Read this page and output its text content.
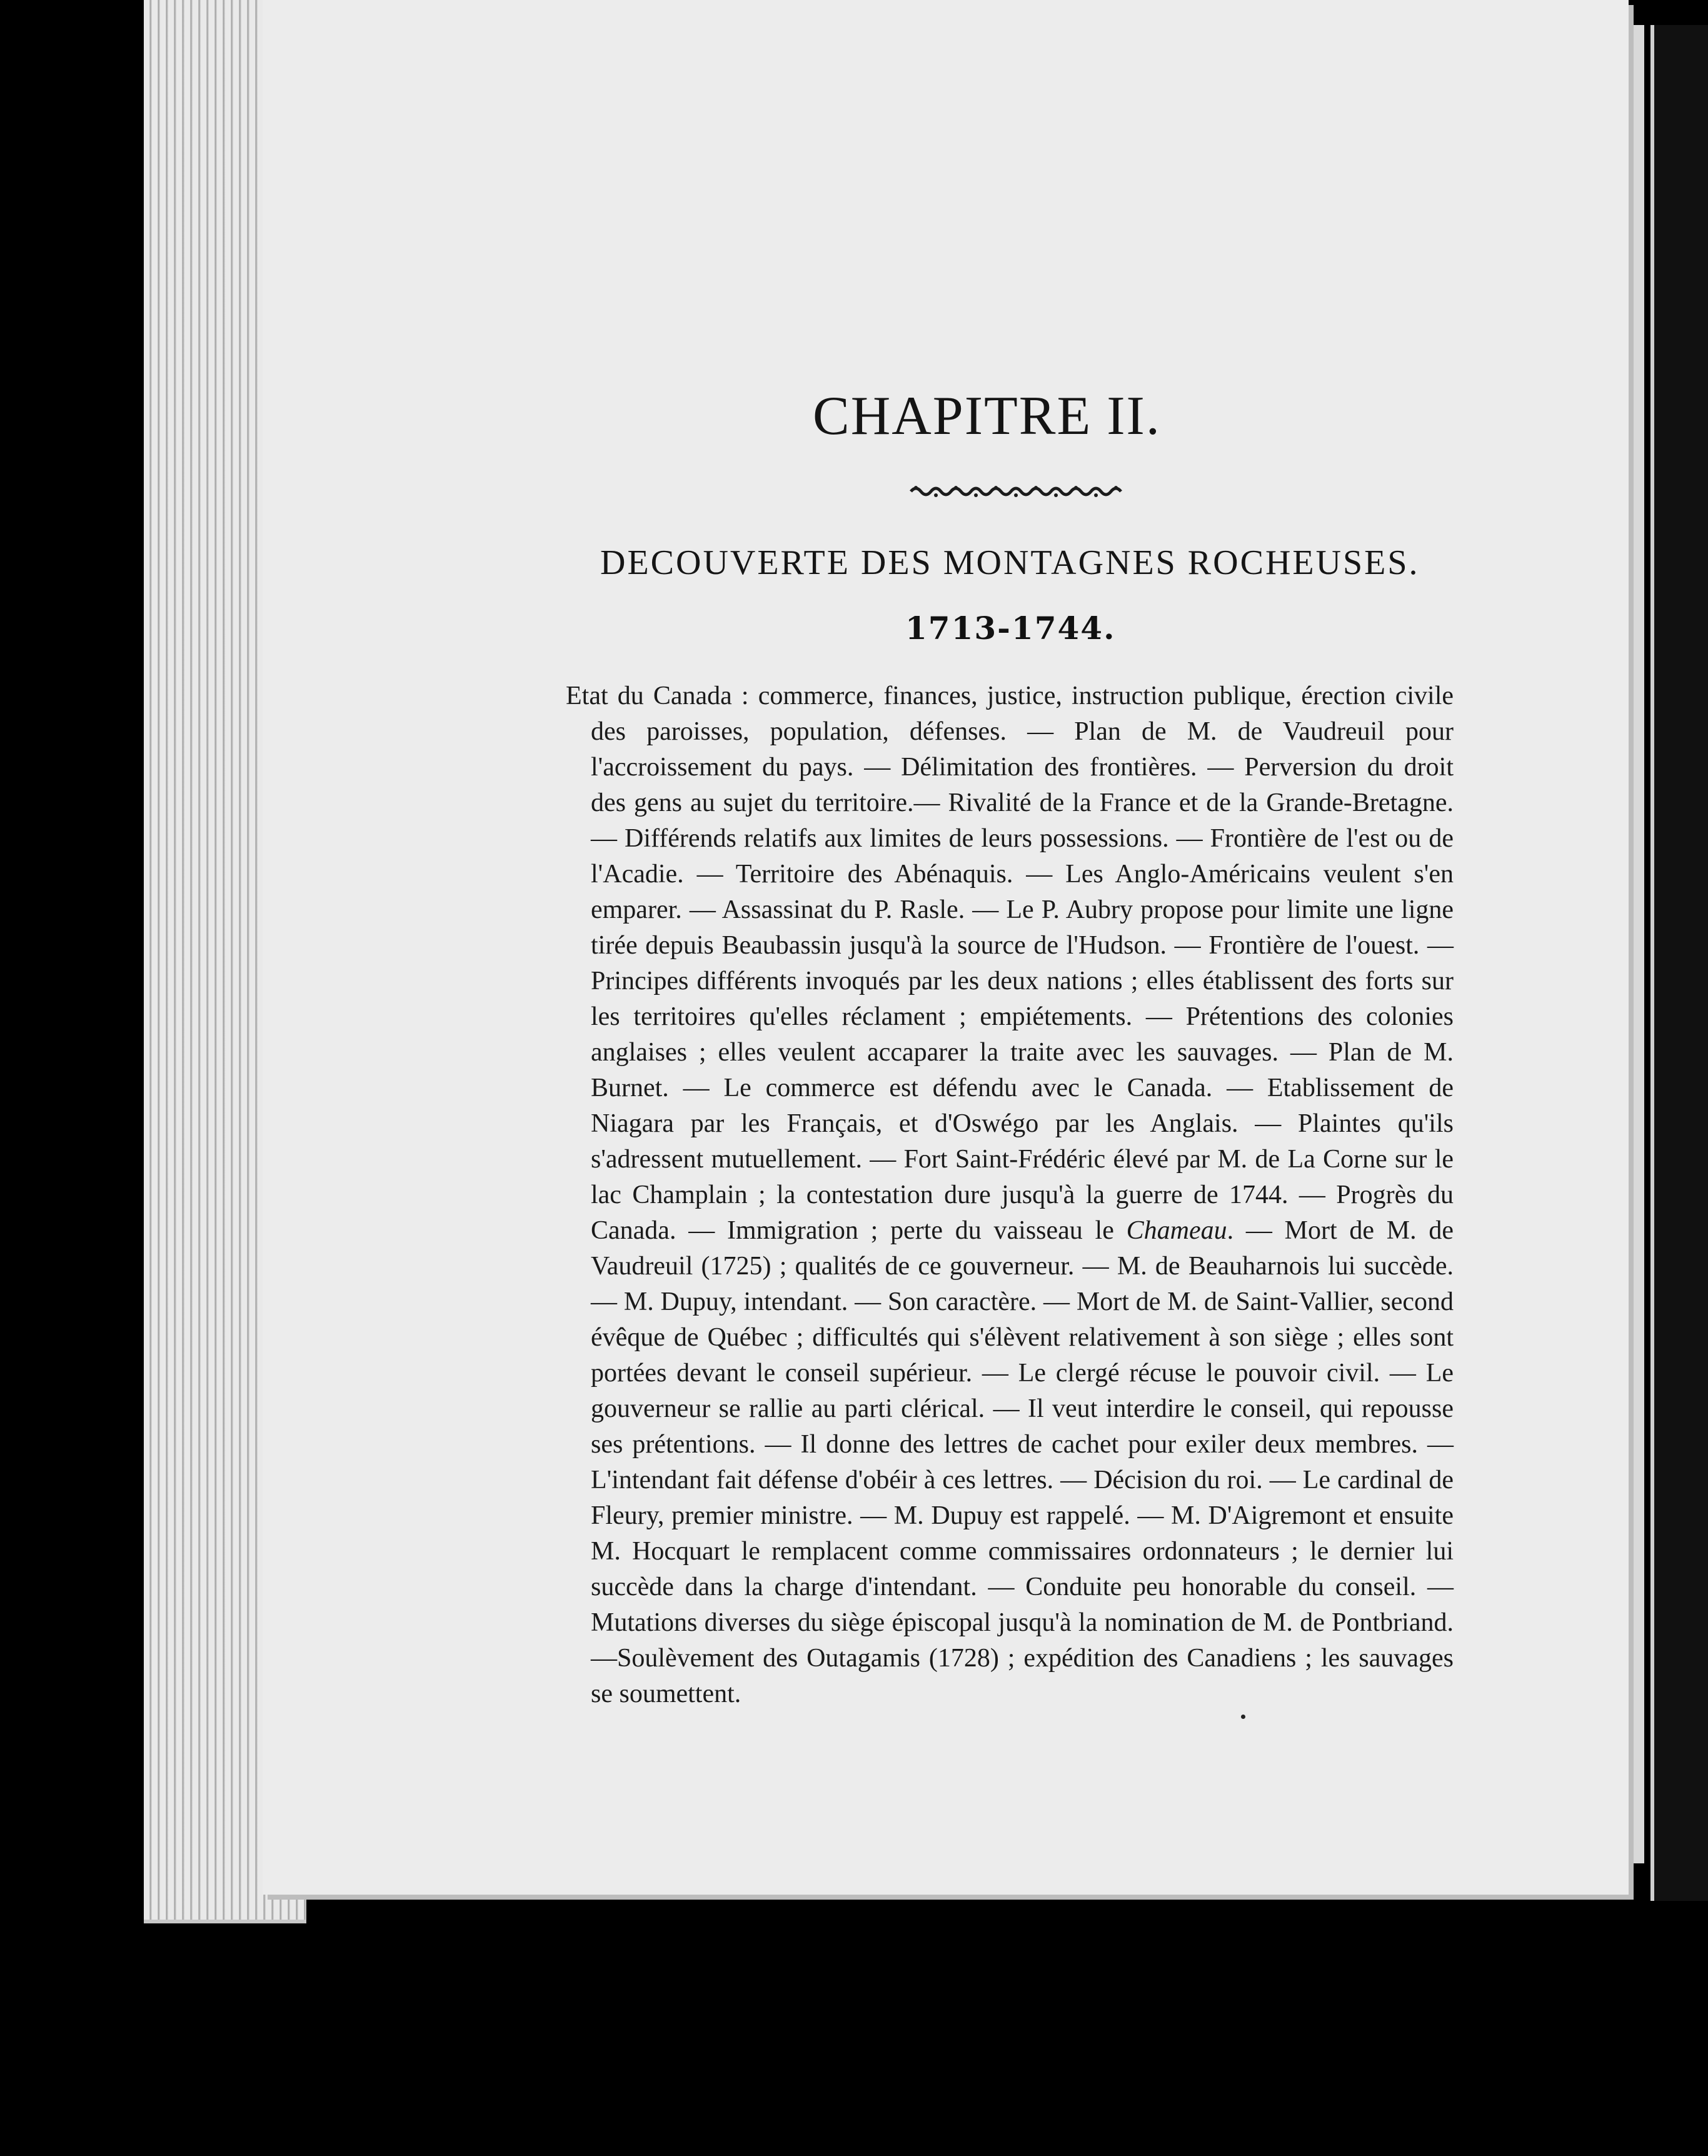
CHAPITRE II.
DECOUVERTE DES MONTAGNES ROCHEUSES.
1713-1744.

Etat du Canada : commerce, finances, justice, instruction publique, érection civile des paroisses, population, défenses. — Plan de M. de Vaudreuil pour l'accroissement du pays. — Délimitation des frontières. — Perversion du droit des gens au sujet du territoire.— Rivalité de la France et de la Grande-Bretagne. — Différends relatifs aux limites de leurs possessions. — Frontière de l'est ou de l'Acadie. — Territoire des Abénaquis. — Les Anglo-Américains veulent s'en emparer. — Assassinat du P. Rasle. — Le P. Aubry propose pour limite une ligne tirée depuis Beaubassin jusqu'à la source de l'Hudson. — Frontière de l'ouest. — Principes différents invoqués par les deux nations ; elles établissent des forts sur les territoires qu'elles réclament ; empiétements. — Prétentions des colonies anglaises ; elles veulent accaparer la traite avec les sauvages. — Plan de M. Burnet. — Le commerce est défendu avec le Canada. — Etablissement de Niagara par les Français, et d'Oswégo par les Anglais. — Plaintes qu'ils s'adressent mutuellement. — Fort Saint-Frédéric élevé par M. de La Corne sur le lac Champlain ; la contestation dure jusqu'à la guerre de 1744. — Progrès du Canada. — Immigration ; perte du vaisseau le Chameau. — Mort de M. de Vaudreuil (1725) ; qualités de ce gouverneur. — M. de Beauharnois lui succède. — M. Dupuy, intendant. — Son caractère. — Mort de M. de Saint-Vallier, second évêque de Québec ; difficultés qui s'élèvent relativement à son siège ; elles sont portées devant le conseil supérieur. — Le clergé récuse le pouvoir civil. — Le gouverneur se rallie au parti clérical. — Il veut interdire le conseil, qui repousse ses prétentions. — Il donne des lettres de cachet pour exiler deux membres. — L'intendant fait défense d'obéir à ces lettres. — Décision du roi. — Le cardinal de Fleury, premier ministre. — M. Dupuy est rappelé. — M. D'Aigremont et ensuite M. Hocquart le remplacent comme commissaires ordonnateurs ; le dernier lui succède dans la charge d'intendant. — Conduite peu honorable du conseil. — Mutations diverses du siège épiscopal jusqu'à la nomination de M. de Pontbriand.—Soulèvement des Outagamis (1728) ; expédition des Canadiens ; les sauvages se soumettent.
